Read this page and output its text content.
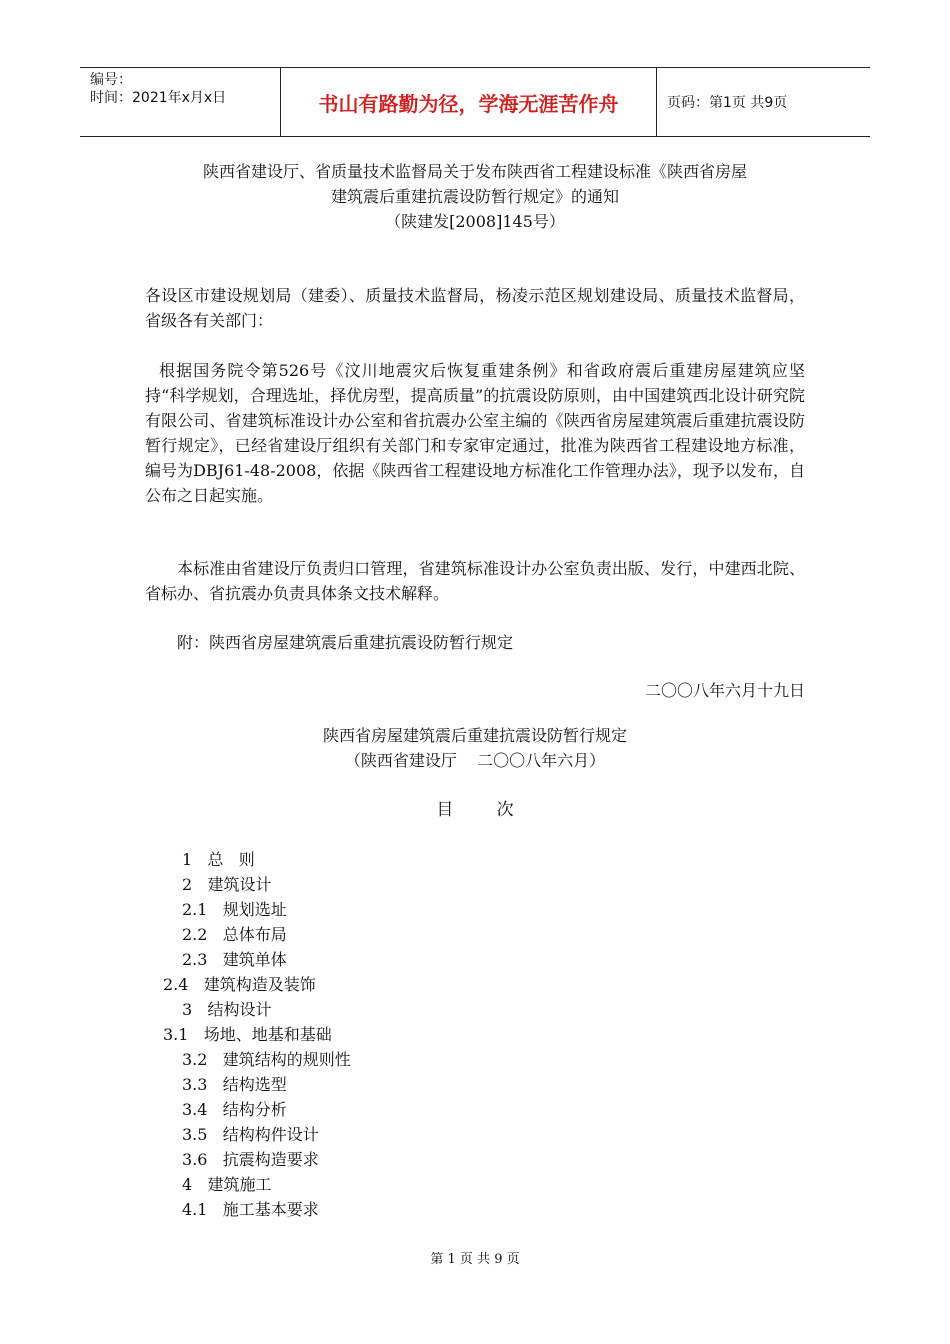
编号：
时间：2021年x月x日	书山有路勤为径，学海无涯苦作舟	页码：第1页 共9页
陕西省建设厅、省质量技术监督局关于发布陕西省工程建设标准《陕西省房屋
建筑震后重建抗震设防暂行规定》的通知
（陕建发[2008]145号）
各设区市建设规划局（建委）、质量技术监督局，杨凌示范区规划建设局、质量技术监督局，省级各有关部门：
根据国务院令第526号《汶川地震灾后恢复重建条例》和省政府震后重建房屋建筑应坚持“科学规划，合理选址，择优房型，提高质量”的抗震设防原则，由中国建筑西北设计研究院有限公司、省建筑标准设计办公室和省抗震办公室主编的《陕西省房屋建筑震后重建抗震设防暂行规定》，已经省建设厅组织有关部门和专家审定通过，批准为陕西省工程建设地方标准，编号为DBJ61-48-2008，依据《陕西省工程建设地方标准化工作管理办法》，现予以发布，自公布之日起实施。
本标准由省建设厅负责归口管理，省建筑标准设计办公室负责出版、发行，中建西北院、省标办、省抗震办负责具体条文技术解释。
附：陕西省房屋建筑震后重建抗震设防暂行规定
二〇〇八年六月十九日
陕西省房屋建筑震后重建抗震设防暂行规定
（陕西省建设厅    二〇〇八年六月）
目        次
1   总   则
2   建筑设计
2.1   规划选址
2.2   总体布局
2.3   建筑单体
2.4   建筑构造及装饰
3   结构设计
3.1   场地、地基和基础
3.2   建筑结构的规则性
3.3   结构选型
3.4   结构分析
3.5   结构构件设计
3.6   抗震构造要求
4   建筑施工
4.1   施工基本要求
第 1 页 共 9 页
